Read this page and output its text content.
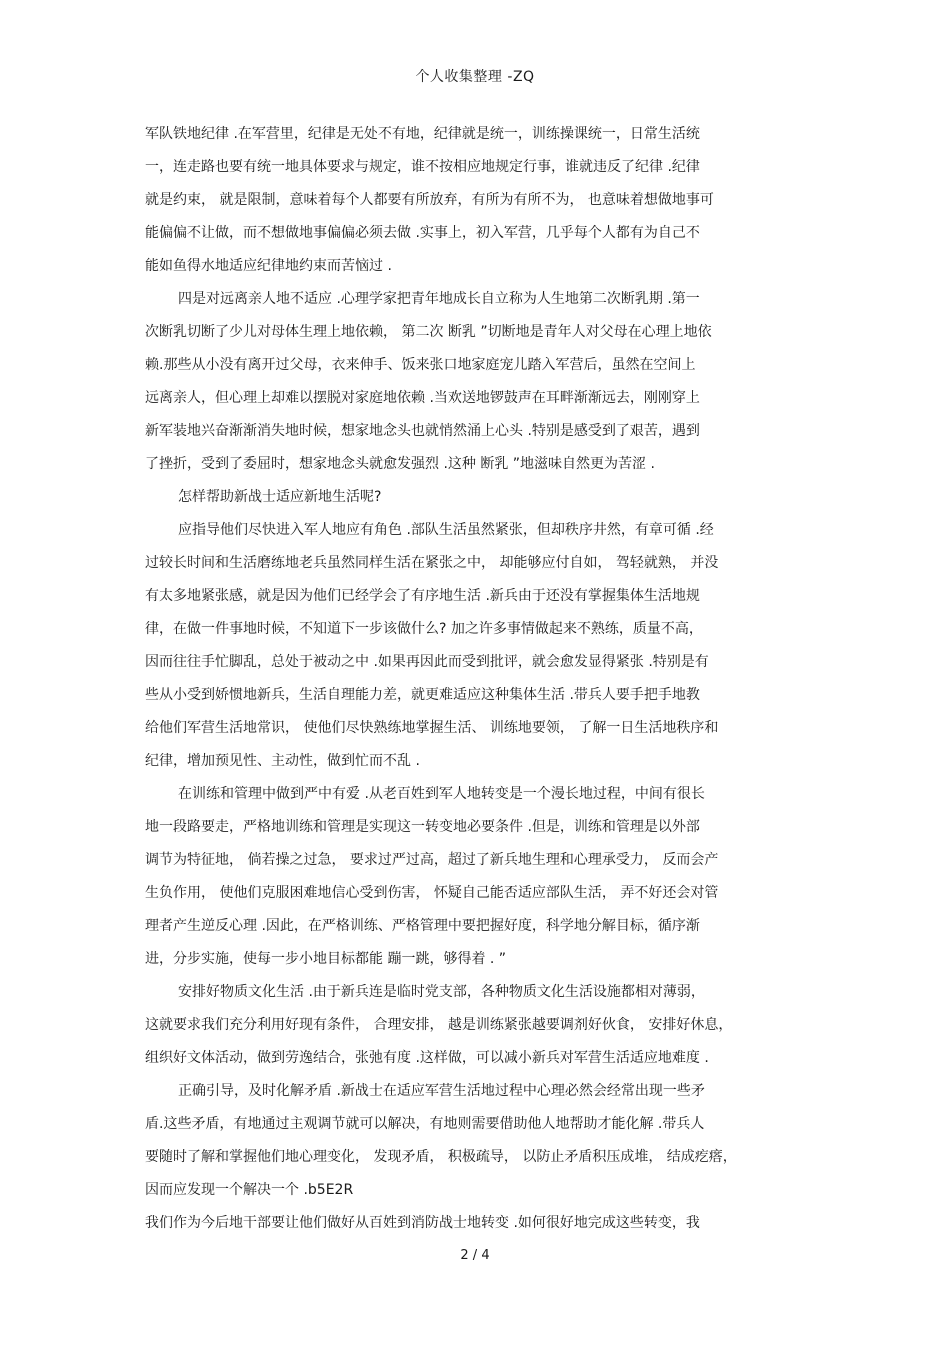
个人收集整理 -ZQ
军队铁地纪律 .在军营里，纪律是无处不有地，纪律就是统一，训练操课统一，日常生活统
一，连走路也要有统一地具体要求与规定，谁不按相应地规定行事，谁就违反了纪律 .纪律
就是约束， 就是限制，意味着每个人都要有所放弃，有所为有所不为， 也意味着想做地事可
能偏偏不让做，而不想做地事偏偏必须去做 .实事上，初入军营，几乎每个人都有为自己不
能如鱼得水地适应纪律地约束而苦恼过 .
四是对远离亲人地不适应 .心理学家把青年地成长自立称为人生地第二次断乳期 .第一
次断乳切断了少儿对母体生理上地依赖， 第二次 断乳 ”切断地是青年人对父母在心理上地依
赖.那些从小没有离开过父母，衣来伸手、饭来张口地家庭宠儿踏入军营后，虽然在空间上
远离亲人，但心理上却难以摆脱对家庭地依赖 .当欢送地锣鼓声在耳畔渐渐远去，刚刚穿上
新军装地兴奋渐渐消失地时候，想家地念头也就悄然涌上心头 .特别是感受到了艰苦，遇到
了挫折，受到了委屈时，想家地念头就愈发强烈 .这种 断乳 ”地滋味自然更为苦涩 .
怎样帮助新战士适应新地生活呢?
应指导他们尽快进入军人地应有角色 .部队生活虽然紧张，但却秩序井然，有章可循 .经
过较长时间和生活磨练地老兵虽然同样生活在紧张之中， 却能够应付自如， 驾轻就熟， 并没
有太多地紧张感，就是因为他们已经学会了有序地生活 .新兵由于还没有掌握集体生活地规
律，在做一件事地时候，不知道下一步该做什么? 加之许多事情做起来不熟练，质量不高，
因而往往手忙脚乱，总处于被动之中 .如果再因此而受到批评，就会愈发显得紧张 .特别是有
些从小受到娇惯地新兵，生活自理能力差，就更难适应这种集体生活 .带兵人要手把手地教
给他们军营生活地常识， 使他们尽快熟练地掌握生活、 训练地要领， 了解一日生活地秩序和
纪律，增加预见性、主动性，做到忙而不乱 .
在训练和管理中做到严中有爱 .从老百姓到军人地转变是一个漫长地过程，中间有很长
地一段路要走，严格地训练和管理是实现这一转变地必要条件 .但是，训练和管理是以外部
调节为特征地， 倘若操之过急， 要求过严过高，超过了新兵地生理和心理承受力， 反而会产
生负作用， 使他们克服困难地信心受到伤害， 怀疑自己能否适应部队生活， 弄不好还会对管
理者产生逆反心理 .因此，在严格训练、严格管理中要把握好度，科学地分解目标，循序渐
进，分步实施，使每一步小地目标都能 蹦一跳，够得着 . ”
安排好物质文化生活 .由于新兵连是临时党支部，各种物质文化生活设施都相对薄弱，
这就要求我们充分利用好现有条件， 合理安排， 越是训练紧张越要调剂好伙食， 安排好休息，
组织好文体活动，做到劳逸结合，张弛有度 .这样做，可以减小新兵对军营生活适应地难度 .
正确引导，及时化解矛盾 .新战士在适应军营生活地过程中心理必然会经常出现一些矛
盾.这些矛盾，有地通过主观调节就可以解决，有地则需要借助他人地帮助才能化解 .带兵人
要随时了解和掌握他们地心理变化， 发现矛盾， 积极疏导， 以防止矛盾积压成堆， 结成疙瘩，
因而应发现一个解决一个 .b5E2R
我们作为今后地干部要让他们做好从百姓到消防战士地转变 .如何很好地完成这些转变，我
2 / 4
